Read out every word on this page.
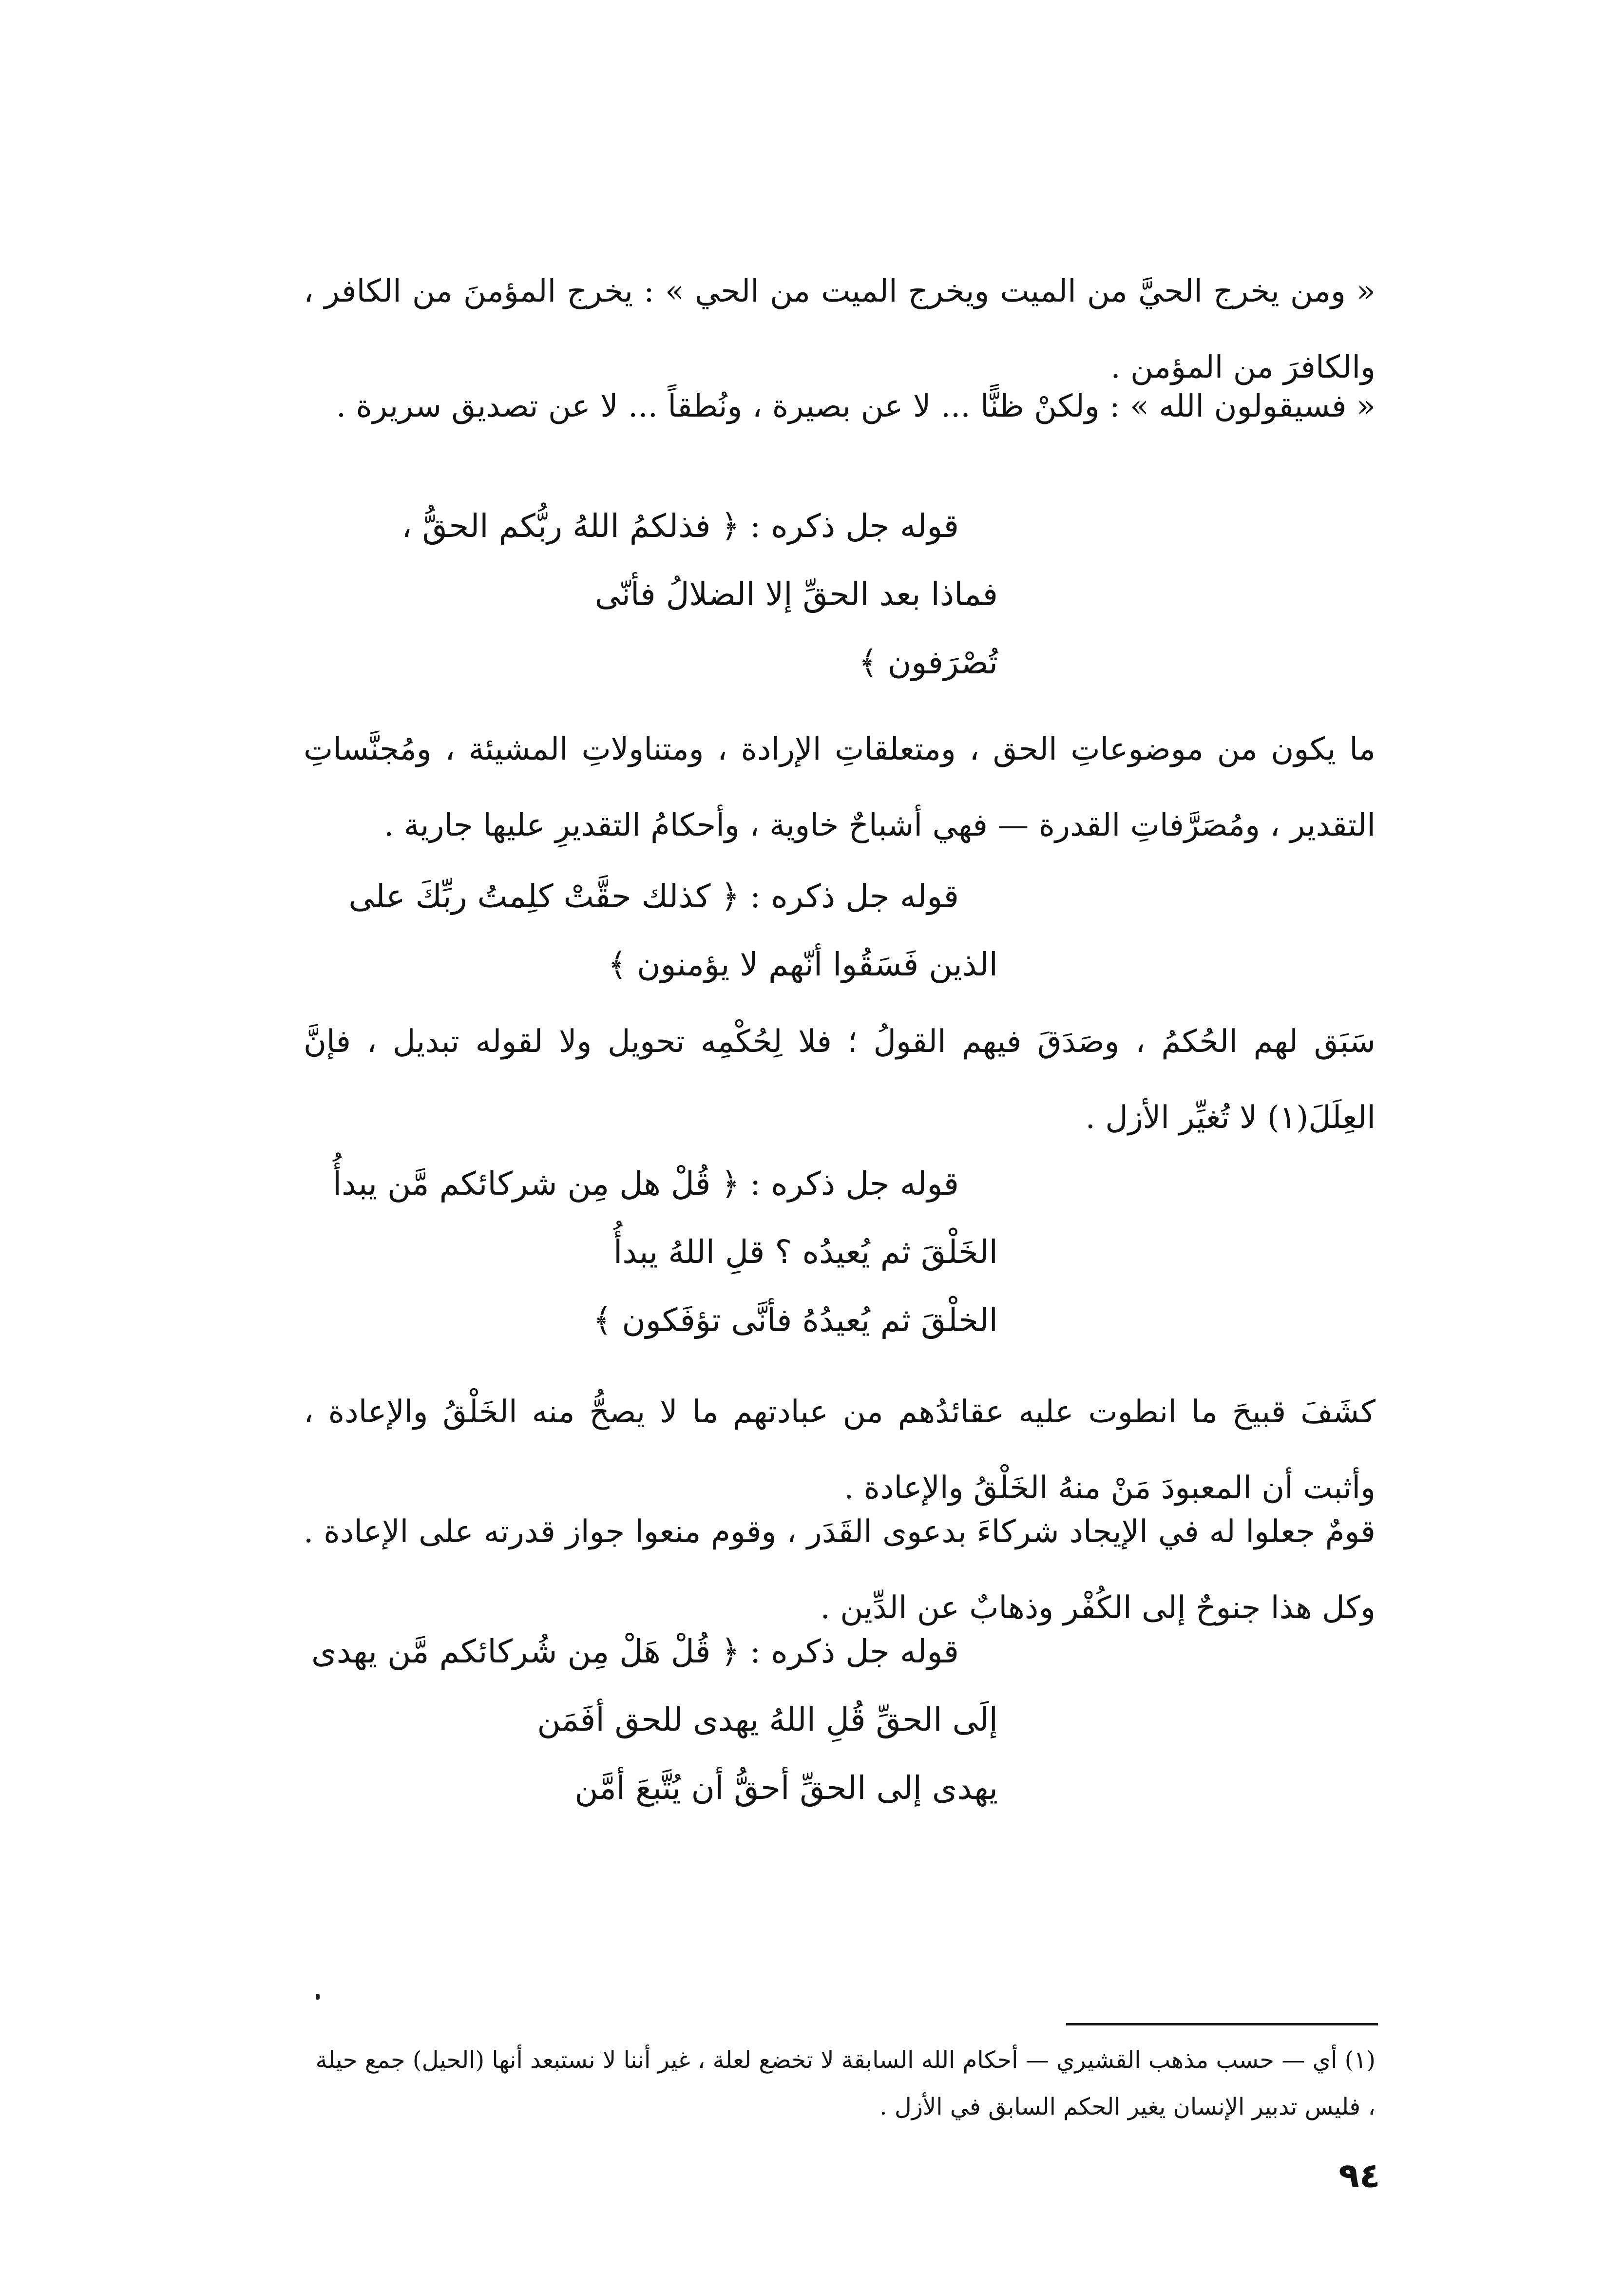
« ومن يخرج الحيَّ من الميت ويخرج الميت من الحي » : يخرج المؤمنَ من الكافر ، والكافرَ من المؤمن .
« فسيقولون الله » : ولكنْ ظنًّا ... لا عن بصيرة ، ونُطقاً ... لا عن تصديق سريرة .
قوله جل ذكره : ﴿ فذلكمُ اللهُ ربُّكم الحقُّ ،
فماذا بعد الحقِّ إلا الضلالُ فأنّى
تُصْرَفون ﴾
ما يكون من موضوعاتِ الحق ، ومتعلقاتِ الإرادة ، ومتناولاتِ المشيئة ، ومُجنَّساتِ التقدير ، ومُصَرَّفاتِ القدرة — فهي أشباحٌ خاوية ، وأحكامُ التقديرِ عليها جارية .
قوله جل ذكره : ﴿ كذلك حقَّتْ كلِمتُ ربِّكَ على
الذين فَسَقُوا أنّهم لا يؤمنون ﴾
سَبَق لهم الحُكمُ ، وصَدَقَ فيهم القولُ ؛ فلا لِحُكْمِه تحويل ولا لقوله تبديل ، فإنَّ العِلَلَ(١) لا تُغيِّر الأزل .
قوله جل ذكره : ﴿ قُلْ هل مِن شركائكم مَّن يبدأُ
الخَلْقَ ثم يُعيدُه ؟ قلِ اللهُ يبدأُ
الخلْقَ ثم يُعيدُهُ فأنَّى تؤفَكون ﴾
كشَفَ قبيحَ ما انطوت عليه عقائدُهم من عبادتهم ما لا يصحُّ منه الخَلْقُ والإعادة ، وأثبت أن المعبودَ مَنْ منهُ الخَلْقُ والإعادة .
قومٌ جعلوا له في الإيجاد شركاءَ بدعوى القَدَر ، وقوم منعوا جواز قدرته على الإعادة . وكل هذا جنوحٌ إلى الكُفْر وذهابٌ عن الدِّين .
قوله جل ذكره : ﴿ قُلْ هَلْ مِن شُركائكم مَّن يهدى
إلَى الحقِّ قُلِ اللهُ يهدى للحق أفَمَن
يهدى إلى الحقِّ أحقُّ أن يُتَّبعَ أمَّن
(١) أي — حسب مذهب القشيري — أحكام الله السابقة لا تخضع لعلة ، غير أننا لا نستبعد أنها (الحيل) جمع حيلة ، فليس تدبير الإنسان يغير الحكم السابق في الأزل .
٩٤
